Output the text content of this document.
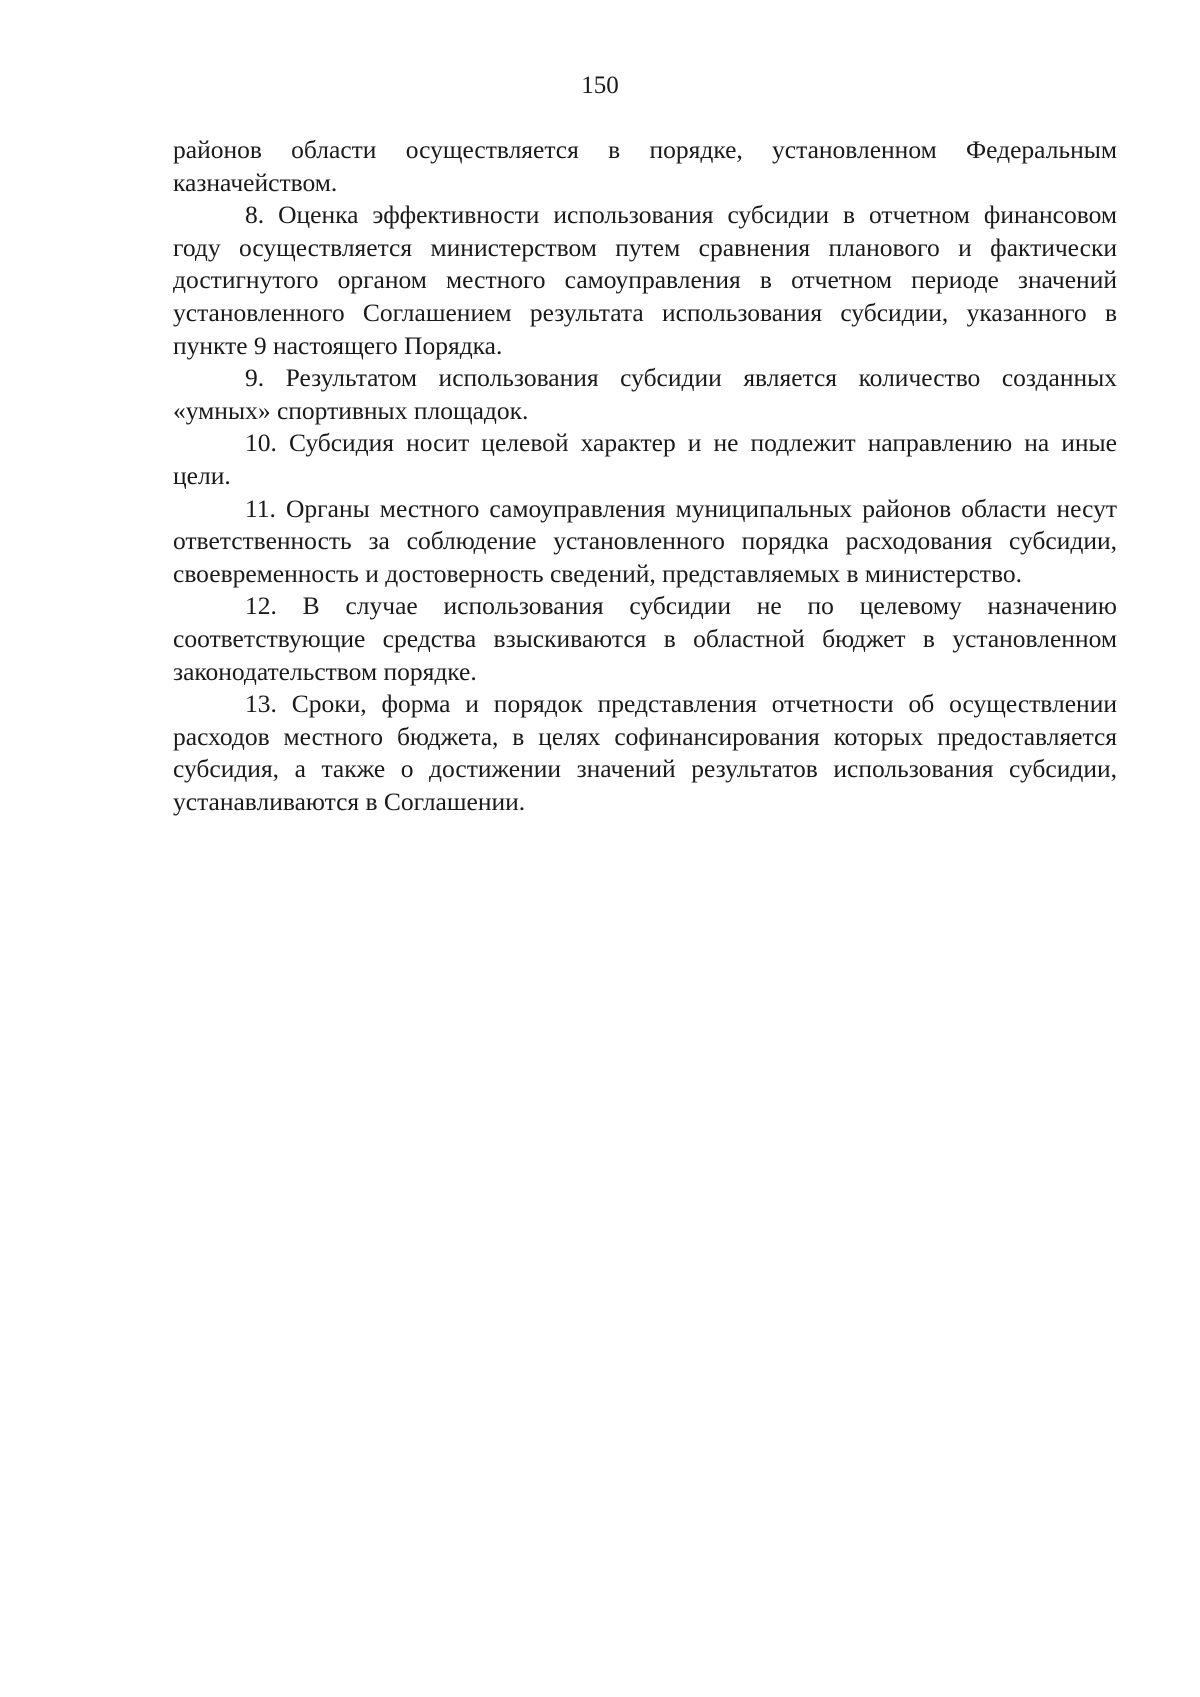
150

районов области осуществляется в порядке, установленном Федеральным казначейством.

8. Оценка эффективности использования субсидии в отчетном финансовом году осуществляется министерством путем сравнения планового и фактически достигнутого органом местного самоуправления в отчетном периоде значений установленного Соглашением результата использования субсидии, указанного в пункте 9 настоящего Порядка.

9. Результатом использования субсидии является количество созданных «умных» спортивных площадок.

10. Субсидия носит целевой характер и не подлежит направлению на иные цели.

11. Органы местного самоуправления муниципальных районов области несут ответственность за соблюдение установленного порядка расходования субсидии, своевременность и достоверность сведений, представляемых в министерство.

12. В случае использования субсидии не по целевому назначению соответствующие средства взыскиваются в областной бюджет в установленном законодательством порядке.

13. Сроки, форма и порядок представления отчетности об осуществлении расходов местного бюджета, в целях софинансирования которых предоставляется субсидия, а также о достижении значений результатов использования субсидии, устанавливаются в Соглашении.
